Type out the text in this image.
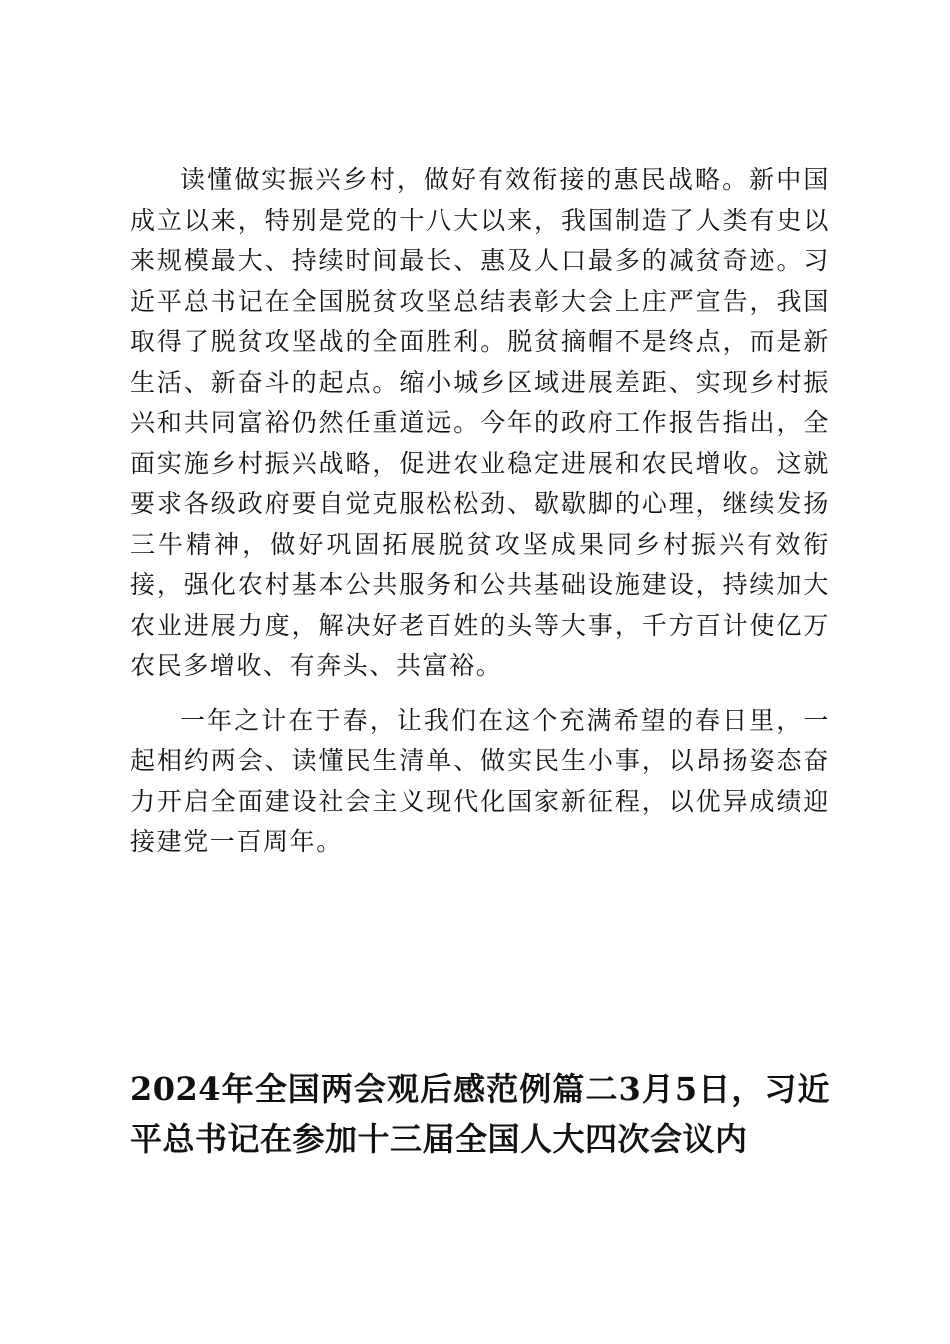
读懂做实振兴乡村，做好有效衔接的惠民战略。新中国成立以来，特别是党的十八大以来，我国制造了人类有史以来规模最大、持续时间最长、惠及人口最多的减贫奇迹。习近平总书记在全国脱贫攻坚总结表彰大会上庄严宣告，我国取得了脱贫攻坚战的全面胜利。脱贫摘帽不是终点，而是新生活、新奋斗的起点。缩小城乡区域进展差距、实现乡村振兴和共同富裕仍然任重道远。今年的政府工作报告指出，全面实施乡村振兴战略，促进农业稳定进展和农民增收。这就要求各级政府要自觉克服松松劲、歇歇脚的心理，继续发扬三牛精神，做好巩固拓展脱贫攻坚成果同乡村振兴有效衔接，强化农村基本公共服务和公共基础设施建设，持续加大农业进展力度，解决好老百姓的头等大事，千方百计使亿万农民多增收、有奔头、共富裕。

一年之计在于春，让我们在这个充满希望的春日里，一起相约两会、读懂民生清单、做实民生小事，以昂扬姿态奋力开启全面建设社会主义现代化国家新征程，以优异成绩迎接建党一百周年。

2024年全国两会观后感范例篇二3月5日，习近平总书记在参加十三届全国人大四次会议内
